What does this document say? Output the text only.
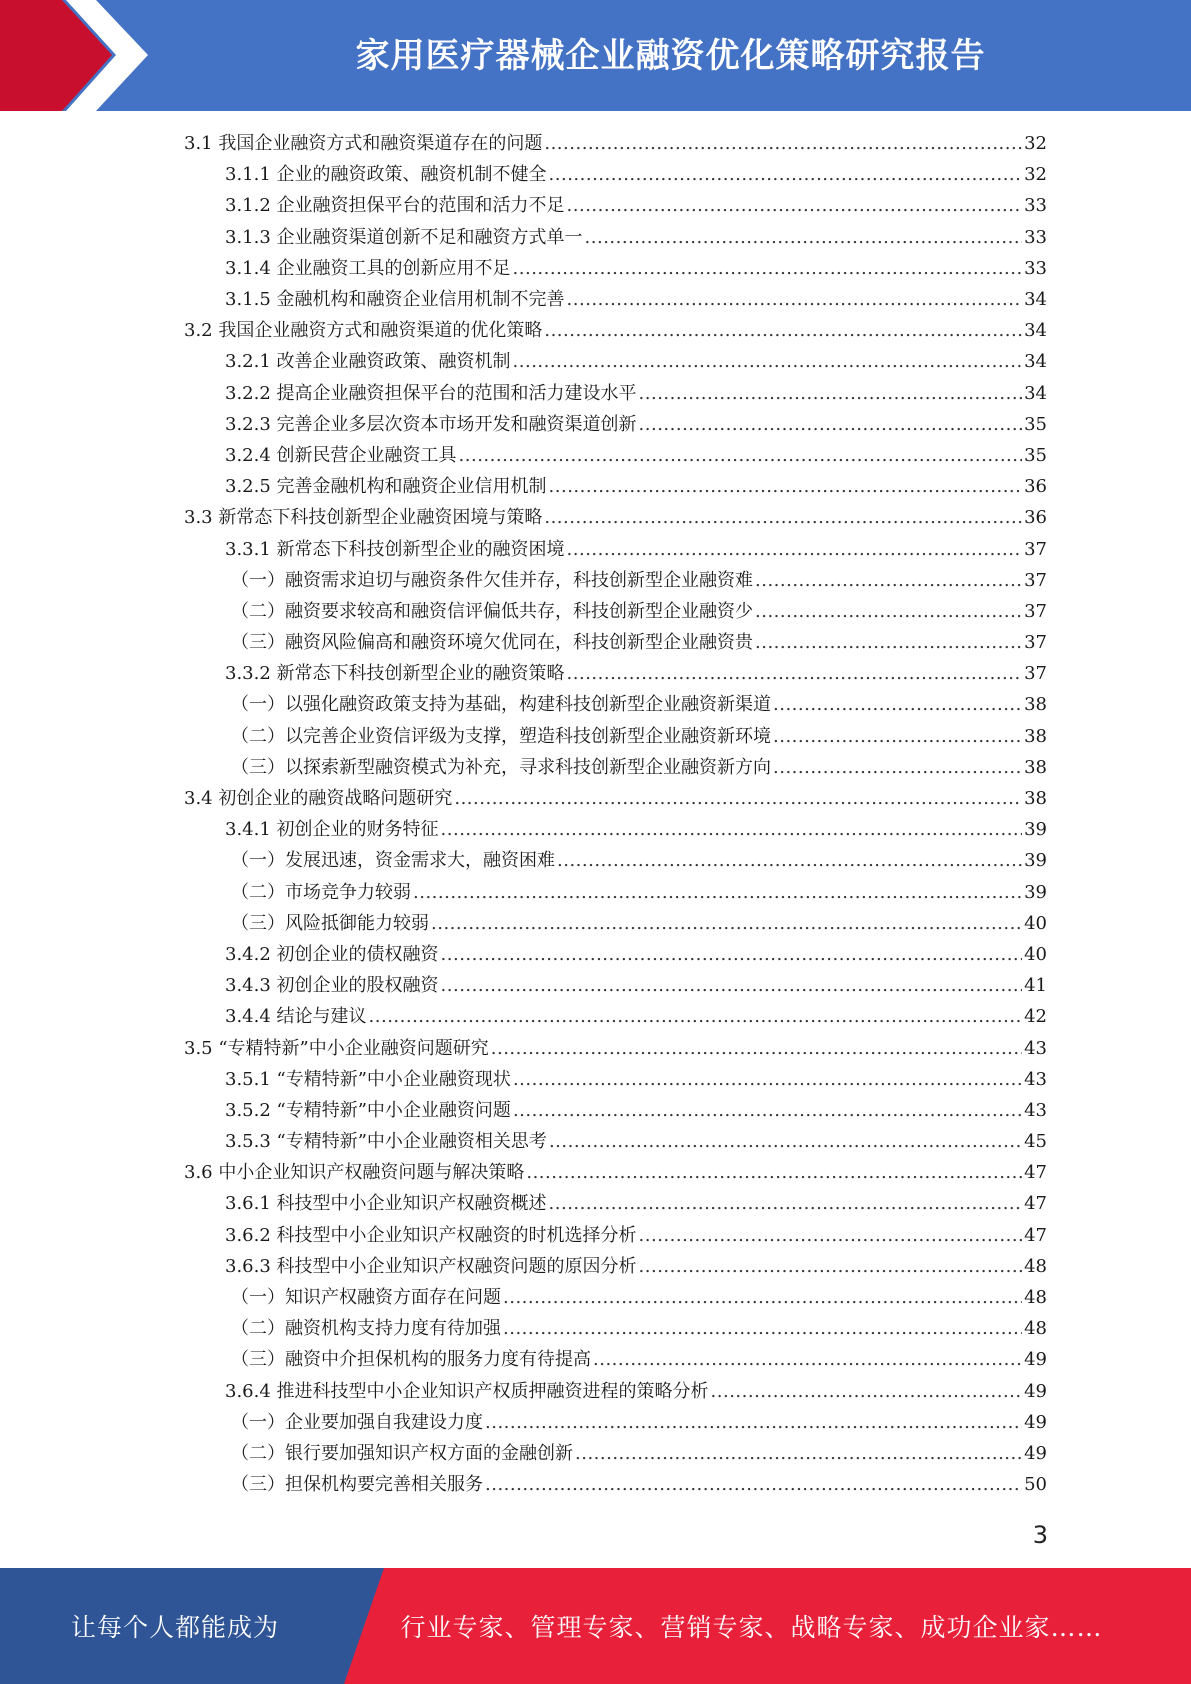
家用医疗器械企业融资优化策略研究报告
3.1 我国企业融资方式和融资渠道存在的问题 .....	32
3.1.1 企业的融资政策、融资机制不健全 .....	32
3.1.2 企业融资担保平台的范围和活力不足 .....	33
3.1.3 企业融资渠道创新不足和融资方式单一 .....	33
3.1.4 企业融资工具的创新应用不足 .....	33
3.1.5 金融机构和融资企业信用机制不完善 .....	34
3.2 我国企业融资方式和融资渠道的优化策略 .....	34
3.2.1 改善企业融资政策、融资机制 .....	34
3.2.2 提高企业融资担保平台的范围和活力建设水平 .....	34
3.2.3 完善企业多层次资本市场开发和融资渠道创新 .....	35
3.2.4 创新民营企业融资工具 .....	35
3.2.5 完善金融机构和融资企业信用机制 .....	36
3.3 新常态下科技创新型企业融资困境与策略 .....	36
3.3.1 新常态下科技创新型企业的融资困境 .....	37
（一）融资需求迫切与融资条件欠佳并存，科技创新型企业融资难 .....	37
（二）融资要求较高和融资信评偏低共存，科技创新型企业融资少 .....	37
（三）融资风险偏高和融资环境欠优同在，科技创新型企业融资贵 .....	37
3.3.2 新常态下科技创新型企业的融资策略 .....	37
（一）以强化融资政策支持为基础，构建科技创新型企业融资新渠道 .....	38
（二）以完善企业资信评级为支撑，塑造科技创新型企业融资新环境 .....	38
（三）以探索新型融资模式为补充，寻求科技创新型企业融资新方向 .....	38
3.4 初创企业的融资战略问题研究 .....	38
3.4.1 初创企业的财务特征 .....	39
（一）发展迅速，资金需求大，融资困难 .....	39
（二）市场竞争力较弱 .....	39
（三）风险抵御能力较弱 .....	40
3.4.2 初创企业的债权融资 .....	40
3.4.3 初创企业的股权融资 .....	41
3.4.4 结论与建议 .....	42
3.5 “专精特新”中小企业融资问题研究 .....	43
3.5.1 “专精特新”中小企业融资现状 .....	43
3.5.2 “专精特新”中小企业融资问题 .....	43
3.5.3 “专精特新”中小企业融资相关思考 .....	45
3.6 中小企业知识产权融资问题与解决策略 .....	47
3.6.1 科技型中小企业知识产权融资概述 .....	47
3.6.2 科技型中小企业知识产权融资的时机选择分析 .....	47
3.6.3 科技型中小企业知识产权融资问题的原因分析 .....	48
（一）知识产权融资方面存在问题 .....	48
（二）融资机构支持力度有待加强 .....	48
（三）融资中介担保机构的服务力度有待提高 .....	49
3.6.4 推进科技型中小企业知识产权质押融资进程的策略分析 .....	49
（一）企业要加强自我建设力度 .....	49
（二）银行要加强知识产权方面的金融创新 .....	49
（三）担保机构要完善相关服务 .....	50
3
让每个人都能成为	行业专家、管理专家、营销专家、战略专家、成功企业家……
